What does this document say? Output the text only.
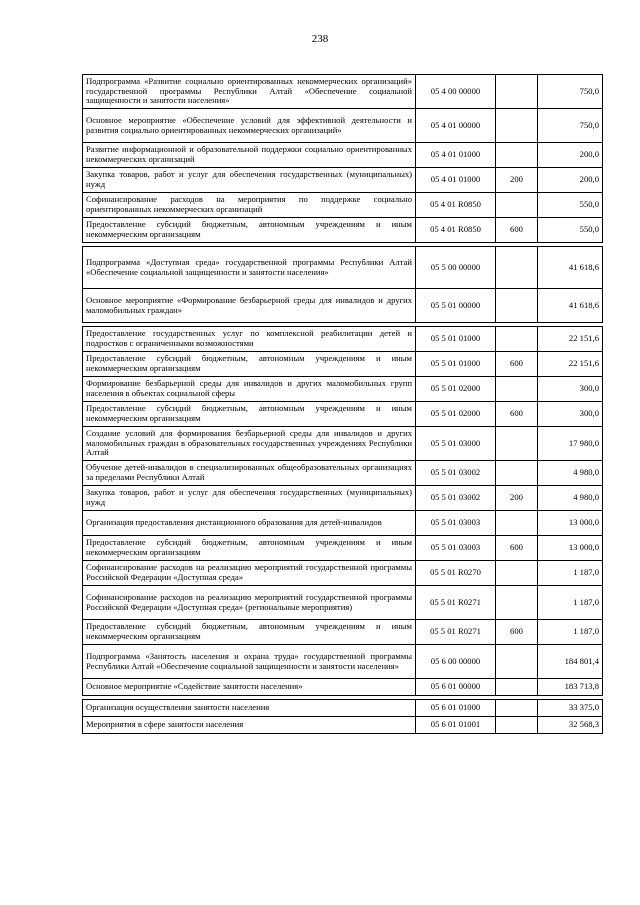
238
Подпрограмма «Развитие социально ориентированных некоммерческих организаций» государственной программы Республики Алтай «Обеспечение социальной защищенности и занятости населения»	05 4 00 00000		750,0
Основное мероприятие «Обеспечение условий для эффективной деятельности и развития социально ориентированных некоммерческих организаций»	05 4 01 00000		750,0
Развитие информационной и образовательной поддержки социально ориентированных некоммерческих организаций	05 4 01 01000		200,0
Закупка товаров, работ и услуг для обеспечения государственных (муниципальных) нужд	05 4 01 01000	200	200,0
Софинансирование расходов на мероприятия по поддержке социально ориентированных некоммерческих организаций	05 4 01 R0850		550,0
Предоставление субсидий бюджетным, автономным учреждениям и иным некоммерческим организациям	05 4 01 R0850	600	550,0

Подпрограмма «Доступная среда» государственной программы Республики Алтай «Обеспечение социальной защищенности и занятости населения»	05 5 00 00000		41 618,6
Основное мероприятие «Формирование безбарьерной среды для инвалидов и других маломобильных граждан»	05 5 01 00000		41 618,6

Предоставление государственных услуг по комплексной реабилитации детей и подростков с ограниченными возможностями	05 5 01 01000		22 151,6
Предоставление субсидий бюджетным, автономным учреждениям и иным некоммерческим организациям	05 5 01 01000	600	22 151,6
Формирование безбарьерной среды для инвалидов и других маломобильных групп населения в объектах социальной сферы	05 5 01 02000		300,0
Предоставление субсидий бюджетным, автономным учреждениям и иным некоммерческим организациям	05 5 01 02000	600	300,0
Создание условий для формирования безбарьерной среды для инвалидов и других маломобильных граждан в образовательных государственных учреждениях Республики Алтай	05 5 01 03000		17 980,0
Обучение детей-инвалидов в специализированных общеобразовательных организациях за пределами Республики Алтай	05 5 01 03002		4 980,0
Закупка товаров, работ и услуг для обеспечения государственных (муниципальных) нужд	05 5 01 03002	200	4 980,0
Организация предоставления дистанционного образования для детей-инвалидов	05 5 01 03003		13 000,0
Предоставление субсидий бюджетным, автономным учреждениям и иным некоммерческим организациям	05 5 01 03003	600	13 000,0
Софинансирование расходов на реализацию мероприятий государственной программы Российской Федерации «Доступная среда»	05 5 01 R0270		1 187,0
Софинансирование расходов на реализацию мероприятий государственной программы Российской Федерации «Доступная среда» (региональные мероприятия)	05 5 01 R0271		1 187,0
Предоставление субсидий бюджетным, автономным учреждениям и иным некоммерческим организациям	05 5 01 R0271	600	1 187,0
Подпрограмма «Занятость населения и охрана труда» государственной программы Республики Алтай «Обеспечение социальной защищенности и занятости населения»	05 6 00 00000		184 801,4
Основное мероприятие «Содействие занятости населения»	05 6 01 00000		183 713,8

Организация осуществления занятости населения	05 6 01 01000		33 375,0
Мероприятия в сфере занятости населения	05 6 01 01001		32 568,3
